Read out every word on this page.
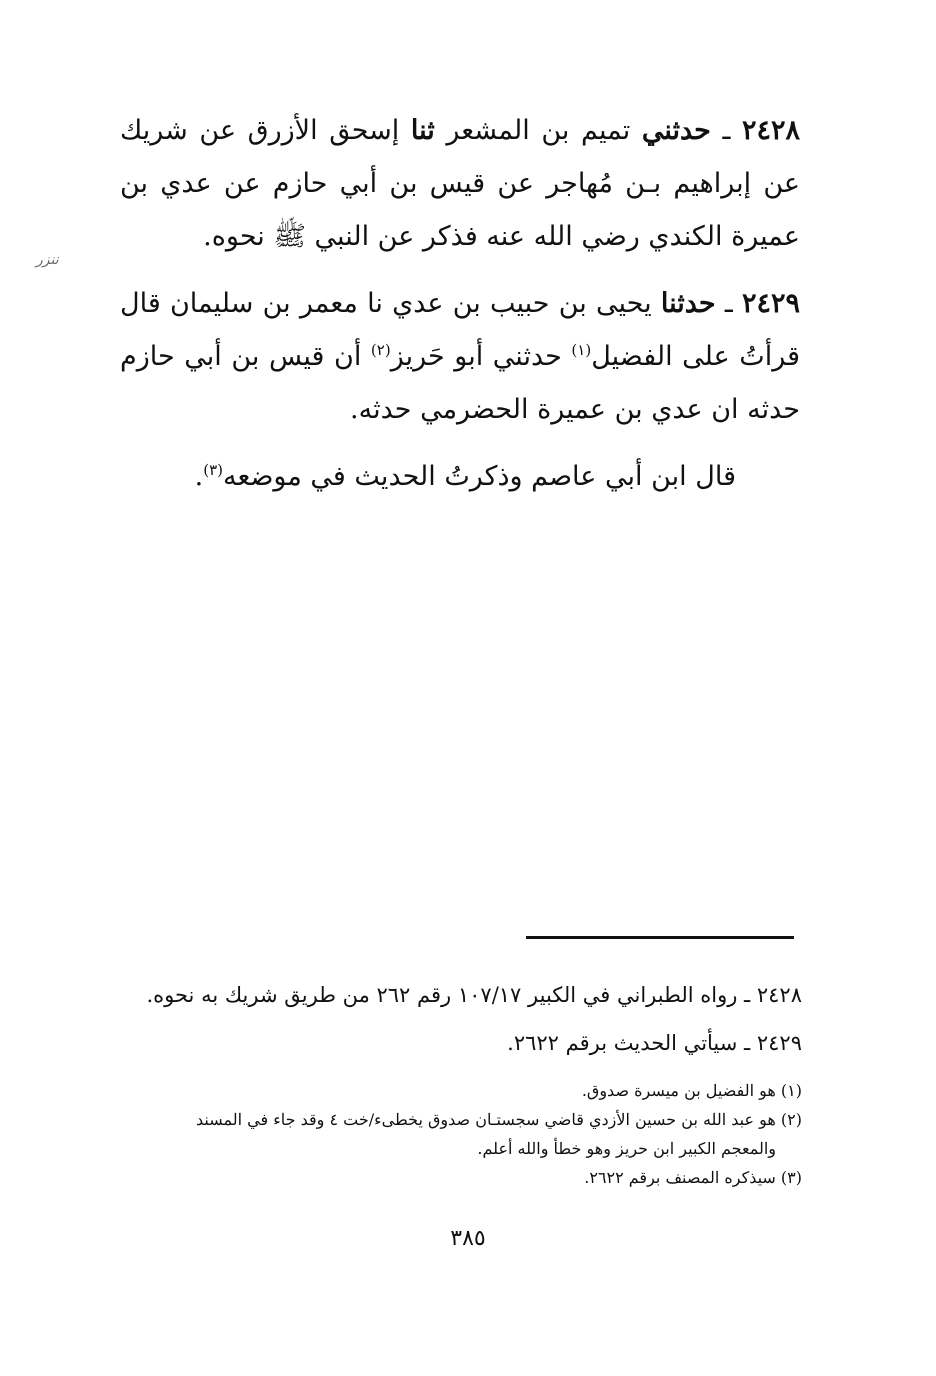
ﻧﻨﺰﺭ

٢٤٢٨ ـ حدثني تميم بن المشعر ثنا إسحق الأزرق عن شريك عن إبراهيم بـن مُهاجر عن قيس بن أبي حازم عن عدي بن عميرة الكندي رضي الله عنه فذكر عن النبي ﷺ نحوه.

٢٤٢٩ ـ حدثنا يحيى بن حبيب بن عدي نا معمر بن سليمان قال قرأتُ على الفضيل$^{(١)}$ حدثني أبو حَريز$^{(٢)}$ أن قيس بن أبي حازم حدثه ان عدي بن عميرة الحضرمي حدثه.

قال ابن أبي عاصم وذكرتُ الحديث في موضعه$^{(٣)}$.

٢٤٢٨ ـ رواه الطبراني في الكبير ١٠٧/١٧ رقم ٢٦٢ من طريق شريك به نحوه.

٢٤٢٩ ـ سيأتي الحديث برقم ٢٦٢٢.

(١) هو الفضيل بن ميسرة صدوق.

(٢) هو عبد الله بن حسين الأزدي قاضي سجستـان صدوق يخطىء/خت ٤ وقد جاء في المسند

والمعجم الكبير ابن حريز وهو خطأ والله أعلم.

(٣) سيذكره المصنف برقم ٢٦٢٢.

٣٨٥
